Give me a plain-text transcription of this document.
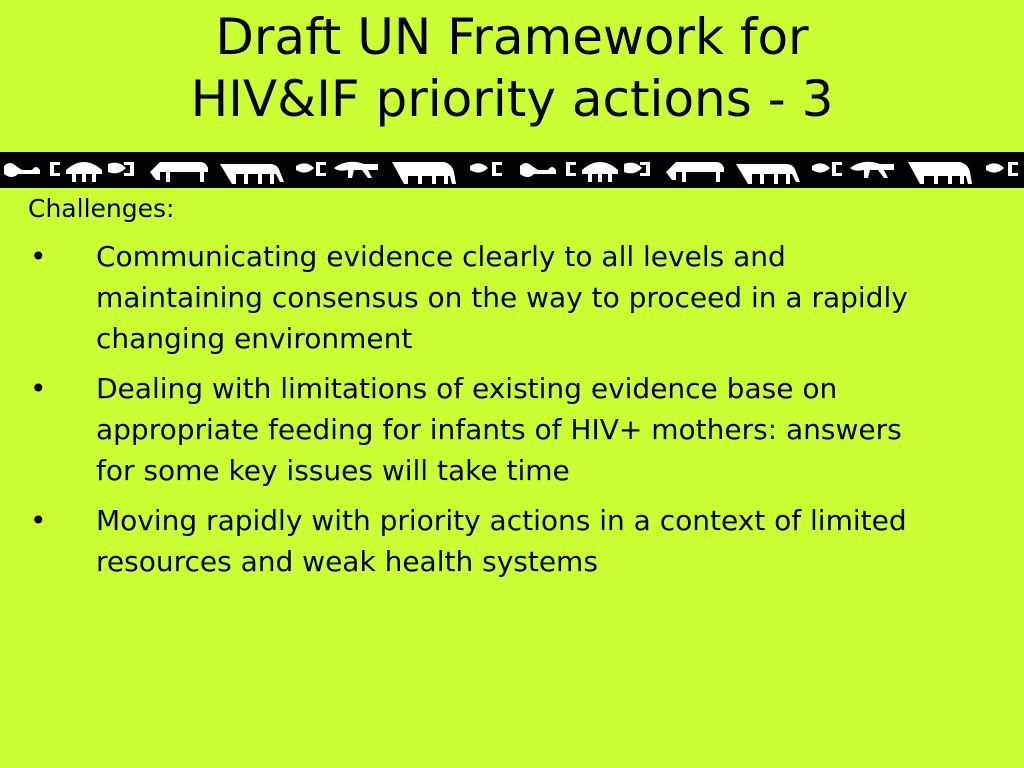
Draft UN Framework for
HIV&IF priority actions - 3

Challenges:

• Communicating evidence clearly to all levels and maintaining consensus on the way to proceed in a rapidly changing environment
• Dealing with limitations of existing evidence base on appropriate feeding for infants of HIV+ mothers: answers for some key issues will take time
• Moving rapidly with priority actions in a context of limited resources and weak health systems
